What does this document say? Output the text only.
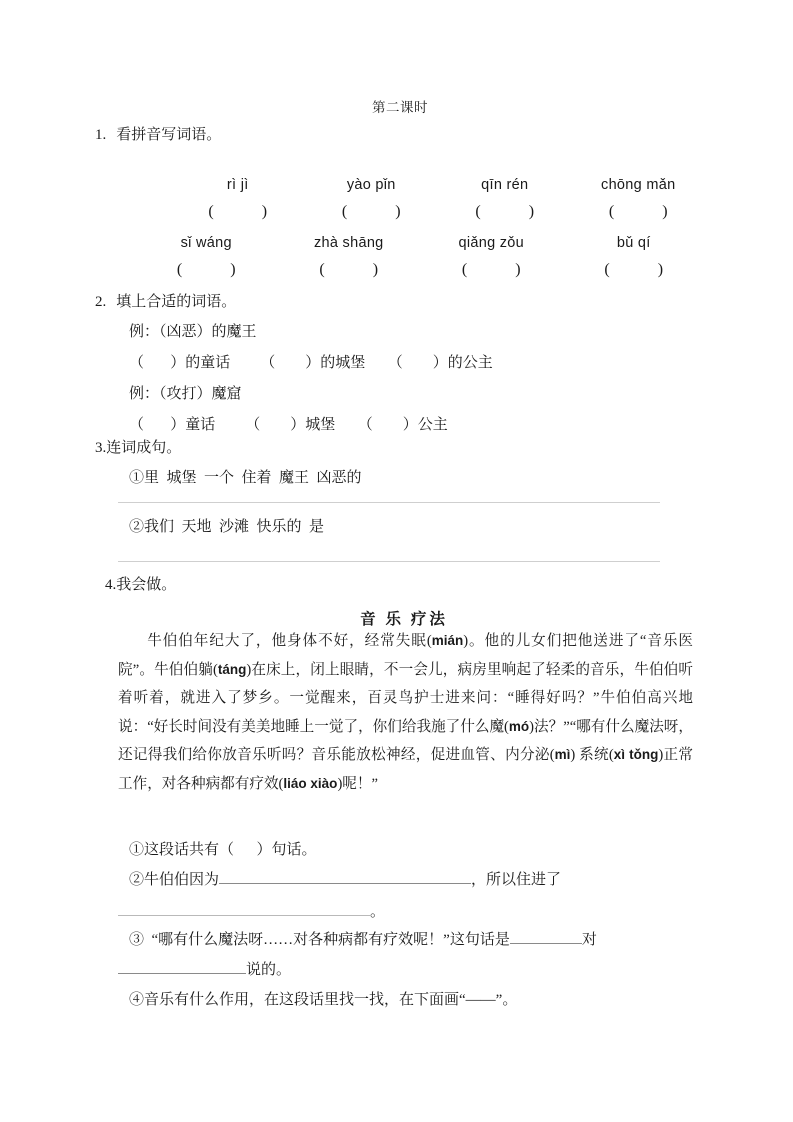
第二课时
1. 看拼音写词语。
rì jì	yào pǐn	qīn rén	chōng mǎn
(            )	(            )	(            )	(            )
sǐ wáng	zhà shāng	qiǎng zǒu	bǔ qí
(            )	(            )	(            )	(            )
2. 填上合适的词语。
例：（凶恶）的魔王
（       ）的童话        （        ）的城堡      （        ）的公主
例：（攻打）魔窟
（       ）童话        （        ）城堡      （        ）公主
3.连词成句。
①里  城堡  一个  住着  魔王  凶恶的
②我们  天地  沙滩  快乐的  是
4.我会做。
音 乐 疗法

牛伯伯年纪大了，他身体不好，经常失眠(mián)。他的儿女们把他送进了“音乐医院”。牛伯伯躺(táng)在床上，闭上眼睛，不一会儿，病房里响起了轻柔的音乐，牛伯伯听着听着，就进入了梦乡。一觉醒来，百灵鸟护士进来问：“睡得好吗？”牛伯伯高兴地说：“好长时间没有美美地睡上一觉了，你们给我施了什么魔(mó)法？”“哪有什么魔法呀，还记得我们给你放音乐听吗？音乐能放松神经，促进血管、内分泌(mì) 系统(xì tǒng)正常工作，对各种病都有疗效(liáo xiào)呢！”

①这段话共有（      ）句话。
②牛伯伯因为	，所以住进了
。
③  “哪有什么魔法呀……对各种病都有疗效呢！”这句话是	对
说的。
④音乐有什么作用，在这段话里找一找，在下面画“——”。
